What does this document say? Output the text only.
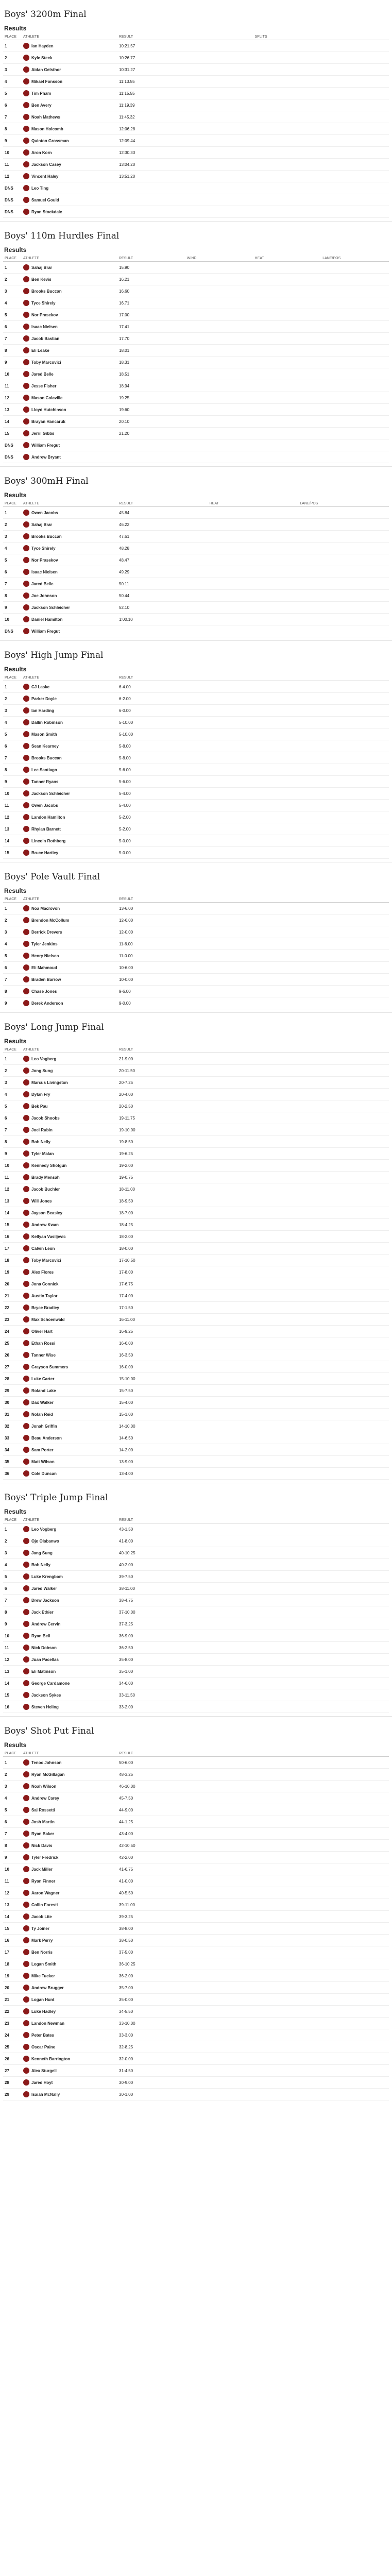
Boys' 3200m Final
Results
PLACE	ATHLETE	RESULT	SPLITS
1	Ian Hayden	10:21.57	
2	Kyle Steck	10:26.77	
3	Aidan Gelsthor	10:31.27	
4	Mikael Fonsson	11:13.55	
5	Tim Pham	11:15.55	
6	Ben Avery	11:19.39	
7	Noah Mathews	11:45.32	
8	Mason Holcomb	12:06.28	
9	Quinton Grossman	12:09.44	
10	Aron Korn	12:30.33	
11	Jackson Casey	13:04.20	
12	Vincent Haley	13:51.20	
DNS	Leo Ting		

DNS	Samuel Gould		

DNS	Ryan Stockdale		

Boys' 110m Hurdles Final
Results
PLACE	ATHLETE	RESULT	WIND	HEAT	LANE/POS
1	Sahaj Brar	15.90			
2	Ben Kevis	16.21			
3	Brooks Buccan	16.60			
4	Tyce Shirely	16.71			
5	Nor Prasekov	17.00			
6	Isaac Nielsen	17.41			
7	Jacob Bastian	17.70			
8	Eli Leake	18.01			
9	Toby Marcovici	18.31			
10	Jared Belle	18.51			
11	Jesse Fisher	18.94			
12	Mason Colaville	19.25			
13	Lloyd Hutchinson	19.60			
14	Brayan Hancaruk	20.10			
15	Jerril Gibbs	21.20			
DNS	William Fregut				

DNS	Andrew Bryant				

Boys' 300mH Final
Results
PLACE	ATHLETE	RESULT	HEAT	LANE/POS
1	Owen Jacobs	45.84		
2	Sahaj Brar	46.22		
3	Brooks Buccan	47.61		
4	Tyce Shirely	48.28		
5	Nor Prasekov	48.47		
6	Isaac Nielsen	49.29		
7	Jared Belle	50.11		
8	Joe Johnson	50.44		
9	Jackson Schleicher	52.10		
10	Daniel Hamilton	1:00.10		
DNS	William Fregut			

Boys' High Jump Final
Results
PLACE	ATHLETE	RESULT
1	CJ Laske	6-4.00
2	Parker Doyle	6-2.00
3	Ian Harding	6-0.00
4	Dallin Robinson	5-10.00
5	Mason Smith	5-10.00
6	Sean Kearney	5-8.00
7	Brooks Buccan	5-8.00
8	Lee Santiago	5-6.00
9	Tanner Ryans	5-6.00
10	Jackson Schleicher	5-4.00
11	Owen Jacobs	5-4.00
12	Landon Hamilton	5-2.00
13	Rhylan Barnett	5-2.00
14	Lincoln Rothberg	5-0.00
15	Bruce Hartley	5-0.00
Boys' Pole Vault Final
Results
PLACE	ATHLETE	RESULT
1	Noa Macrovon	13-6.00
2	Brendon McCollum	12-6.00
3	Derrick Drevers	12-0.00
4	Tyler Jenkins	11-6.00
5	Henry Nielsen	11-0.00
6	Eli Mahmoud	10-6.00
7	Braden Barrow	10-0.00
8	Chase Jones	9-6.00
9	Derek Anderson	9-0.00
Boys' Long Jump Final
Results
PLACE	ATHLETE	RESULT
1	Leo Vogberg	21-9.00
2	Jong Sung	20-11.50
3	Marcus Livingston	20-7.25
4	Dylan Fry	20-4.00
5	Bek Pau	20-2.50
6	Jacob Shoobs	19-11.75
7	Joel Rubin	19-10.00
8	Bob Nelly	19-8.50
9	Tyler Malan	19-6.25
10	Kennedy Shotgun	19-2.00
11	Brady Mensah	19-0.75
12	Jacob Buchler	18-11.00
13	Will Jones	18-9.50
14	Jayson Beasley	18-7.00
15	Andrew Kwan	18-4.25
16	Kellyan Vasiljevic	18-2.00
17	Calvin Leon	18-0.00
18	Toby Marcovici	17-10.50
19	Alex Flores	17-8.00
20	Jona Connick	17-6.75
21	Austin Taylor	17-4.00
22	Bryce Bradley	17-1.50
23	Max Schoenwald	16-11.00
24	Oliver Hart	16-9.25
25	Ethan Rossi	16-6.00
26	Tanner Wise	16-3.50
27	Grayson Summers	16-0.00
28	Luke Carter	15-10.00
29	Roland Lake	15-7.50
30	Dax Walker	15-4.00
31	Nolan Reid	15-1.00
32	Jonah Griffin	14-10.00
33	Beau Anderson	14-6.50
34	Sam Porter	14-2.00
35	Matt Wilson	13-9.00
36	Cole Duncan	13-4.00
Boys' Triple Jump Final
Results
PLACE	ATHLETE	RESULT
1	Leo Vogberg	43-1.50
2	Ojo Olabanwo	41-8.00
3	Jang Sung	40-10.25
4	Bob Nelly	40-2.00
5	Luke Krengbom	39-7.50
6	Jared Walker	38-11.00
7	Drew Jackson	38-4.75
8	Jack Ethier	37-10.00
9	Andrew Cervin	37-3.25
10	Ryan Bell	36-9.00
11	Nick Dobson	36-2.50
12	Juan Pacellas	35-8.00
13	Eli Matinson	35-1.00
14	George Cardamone	34-6.00
15	Jackson Sykes	33-11.50
16	Steven Heling	33-2.00
Boys' Shot Put Final
Results
PLACE	ATHLETE	RESULT
1	Tenoc Johnson	50-6.00
2	Ryan McGillagan	48-3.25
3	Noah Wilson	46-10.00
4	Andrew Carey	45-7.50
5	Sal Rossetti	44-9.00
6	Josh Martin	44-1.25
7	Ryan Baker	43-4.00
8	Nick Davis	42-10.50
9	Tyler Fredrick	42-2.00
10	Jack Miller	41-6.75
11	Ryan Finner	41-0.00
12	Aaron Wagner	40-5.50
13	Collin Foresti	39-11.00
14	Jacob Lite	39-3.25
15	Ty Joiner	38-8.00
16	Mark Perry	38-0.50
17	Ben Norris	37-5.00
18	Logan Smith	36-10.25
19	Mike Tucker	36-2.00
20	Andrew Brugger	35-7.00
21	Logan Hunt	35-0.00
22	Luke Hadley	34-5.50
23	Landon Newman	33-10.00
24	Peter Bates	33-3.00
25	Oscar Paine	32-8.25
26	Kenneth Barrington	32-0.00
27	Alex Sturgell	31-4.50
28	Jared Hoyt	30-9.00
29	Isaiah McNally	30-1.00
